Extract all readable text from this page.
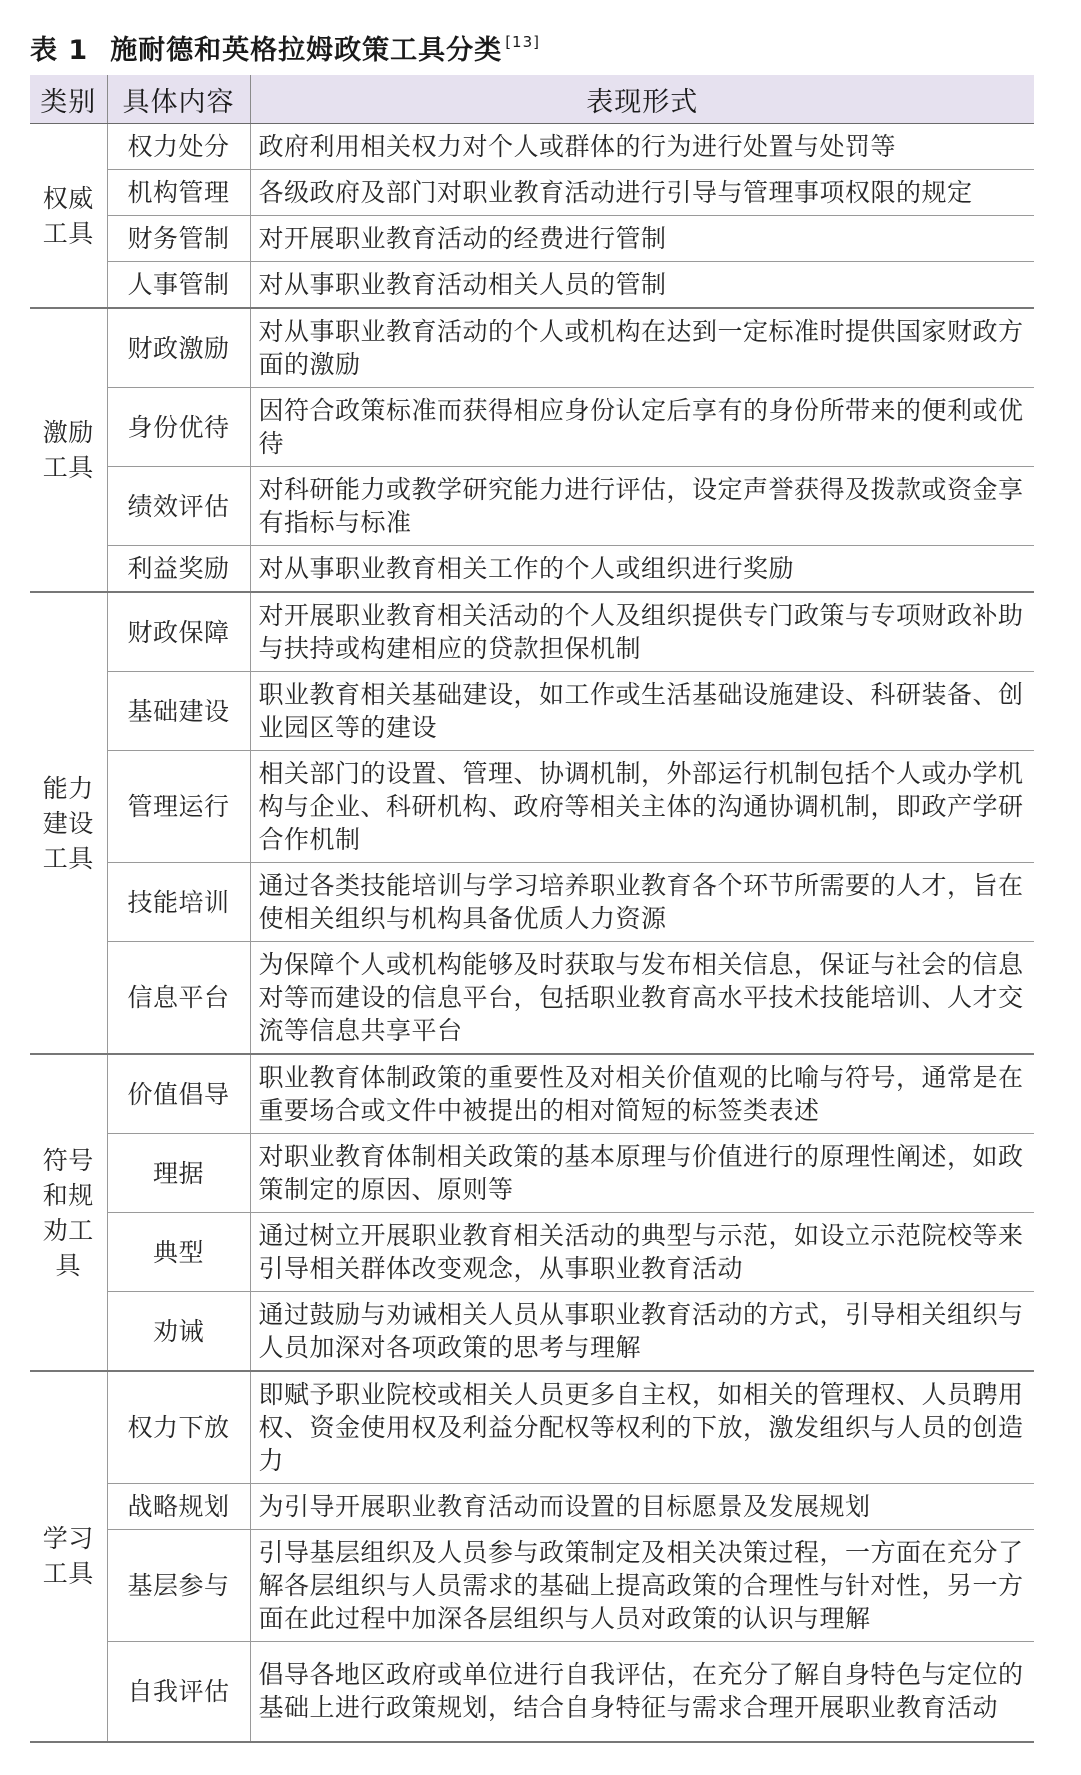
表 1 施耐德和英格拉姆政策工具分类 [13]
类别	具体内容	表现形式
权威工具	权力处分	政府利用相关权力对个人或群体的行为进行处置与处罚等
	机构管理	各级政府及部门对职业教育活动进行引导与管理事项权限的规定
	财务管制	对开展职业教育活动的经费进行管制
	人事管制	对从事职业教育活动相关人员的管制
激励工具	财政激励	对从事职业教育活动的个人或机构在达到一定标准时提供国家财政方面的激励
	身份优待	因符合政策标准而获得相应身份认定后享有的身份所带来的便利或优待
	绩效评估	对科研能力或教学研究能力进行评估，设定声誉获得及拨款或资金享有指标与标准
	利益奖励	对从事职业教育相关工作的个人或组织进行奖励
能力建设工具	财政保障	对开展职业教育相关活动的个人及组织提供专门政策与专项财政补助与扶持或构建相应的贷款担保机制
	基础建设	职业教育相关基础建设，如工作或生活基础设施建设、科研装备、创业园区等的建设
	管理运行	相关部门的设置、管理、协调机制，外部运行机制包括个人或办学机构与企业、科研机构、政府等相关主体的沟通协调机制，即政产学研合作机制
	技能培训	通过各类技能培训与学习培养职业教育各个环节所需要的人才，旨在使相关组织与机构具备优质人力资源
	信息平台	为保障个人或机构能够及时获取与发布相关信息，保证与社会的信息对等而建设的信息平台，包括职业教育高水平技术技能培训、人才交流等信息共享平台
符号和规劝工具	价值倡导	职业教育体制政策的重要性及对相关价值观的比喻与符号，通常是在重要场合或文件中被提出的相对简短的标签类表述
	理据	对职业教育体制相关政策的基本原理与价值进行的原理性阐述，如政策制定的原因、原则等
	典型	通过树立开展职业教育相关活动的典型与示范，如设立示范院校等来引导相关群体改变观念，从事职业教育活动
	劝诫	通过鼓励与劝诫相关人员从事职业教育活动的方式，引导相关组织与人员加深对各项政策的思考与理解
学习工具	权力下放	即赋予职业院校或相关人员更多自主权，如相关的管理权、人员聘用权、资金使用权及利益分配权等权利的下放，激发组织与人员的创造力
	战略规划	为引导开展职业教育活动而设置的目标愿景及发展规划
	基层参与	引导基层组织及人员参与政策制定及相关决策过程，一方面在充分了解各层组织与人员需求的基础上提高政策的合理性与针对性，另一方面在此过程中加深各层组织与人员对政策的认识与理解
	自我评估	倡导各地区政府或单位进行自我评估，在充分了解自身特色与定位的基础上进行政策规划，结合自身特征与需求合理开展职业教育活动
